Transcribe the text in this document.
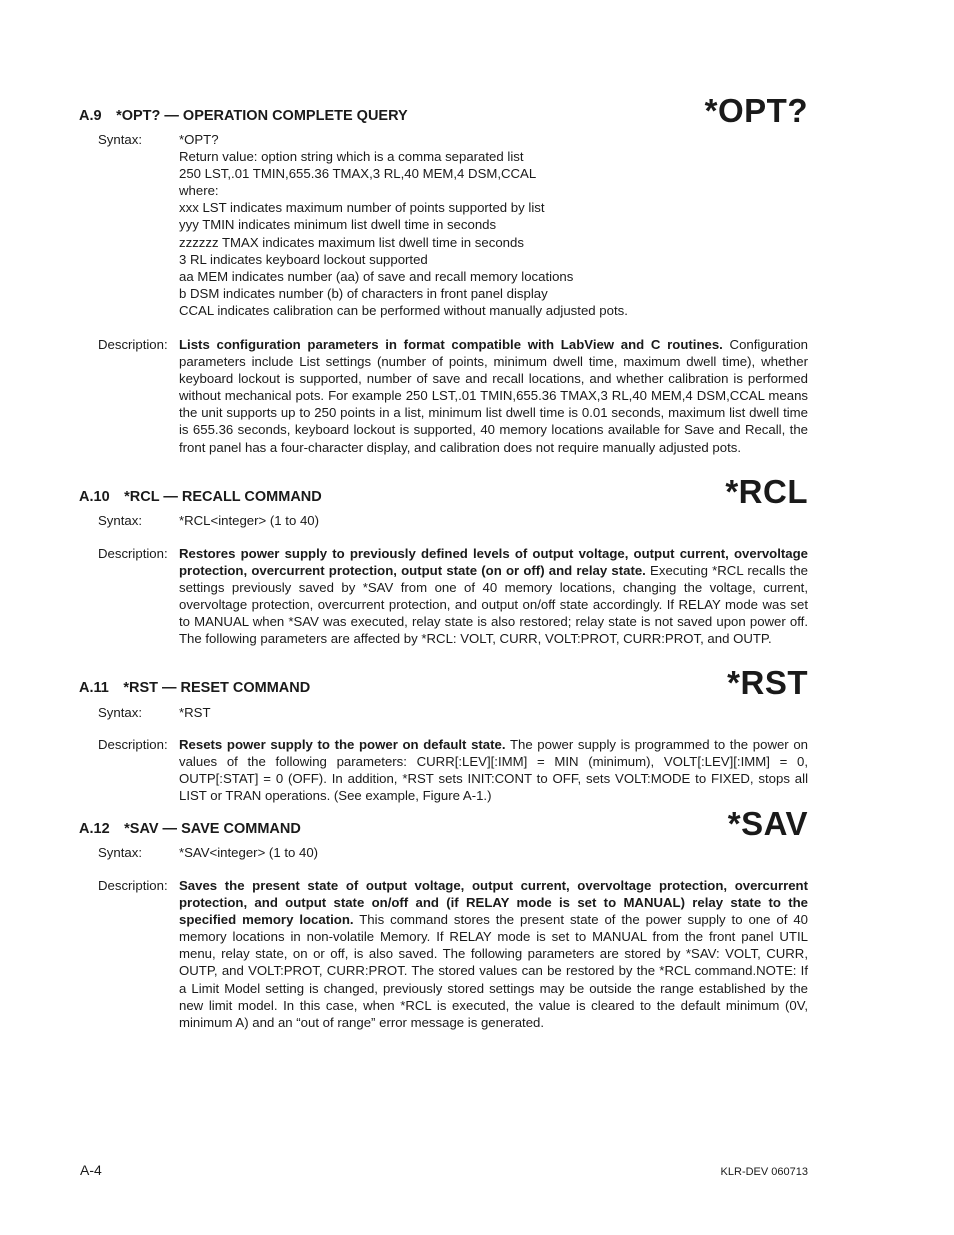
A.9 *OPT? — OPERATION COMPLETE QUERY	*OPT?
Syntax:	*OPT?
Return value: option string which is a comma separated list
250 LST,.01 TMIN,655.36 TMAX,3 RL,40 MEM,4 DSM,CCAL
where:
xxx LST indicates maximum number of points supported by list
yyy TMIN indicates minimum list dwell time in seconds
zzzzzz TMAX indicates maximum list dwell time in seconds
3 RL indicates keyboard lockout supported
aa MEM indicates number (aa) of save and recall memory locations
b DSM indicates number (b) of characters in front panel display
CCAL indicates calibration can be performed without manually adjusted pots.
Description: Lists configuration parameters in format compatible with LabView and C routines. Configuration parameters include List settings (number of points, minimum dwell time, maximum dwell time), whether keyboard lockout is supported, number of save and recall locations, and whether calibration is performed without mechanical pots. For example 250 LST,.01 TMIN,655.36 TMAX,3 RL,40 MEM,4 DSM,CCAL means the unit supports up to 250 points in a list, minimum list dwell time is 0.01 seconds, maximum list dwell time is 655.36 seconds, keyboard lockout is supported, 40 memory locations available for Save and Recall, the front panel has a four-character display, and calibration does not require manually adjusted pots.
A.10 *RCL — RECALL COMMAND	*RCL
Syntax:	*RCL<integer> (1 to 40)
Description: Restores power supply to previously defined levels of output voltage, output current, overvoltage protection, overcurrent protection, output state (on or off) and relay state. Executing *RCL recalls the settings previously saved by *SAV from one of 40 memory locations, changing the voltage, current, overvoltage protection, overcurrent protection, and output on/off state accordingly. If RELAY mode was set to MANUAL when *SAV was executed, relay state is also restored; relay state is not saved upon power off. The following parameters are affected by *RCL: VOLT, CURR, VOLT:PROT, CURR:PROT, and OUTP.
A.11 *RST — RESET COMMAND	*RST
Syntax:	*RST
Description: Resets power supply to the power on default state. The power supply is programmed to the power on values of the following parameters: CURR[:LEV][:IMM] = MIN (minimum), VOLT[:LEV][:IMM] = 0, OUTP[:STAT] = 0 (OFF). In addition, *RST sets INIT:CONT to OFF, sets VOLT:MODE to FIXED, stops all LIST or TRAN operations. (See example, Figure A-1.)
A.12 *SAV — SAVE COMMAND	*SAV
Syntax:	*SAV<integer> (1 to 40)
Description: Saves the present state of output voltage, output current, overvoltage protection, overcurrent protection, and output state on/off and (if RELAY mode is set to MANUAL) relay state to the specified memory location. This command stores the present state of the power supply to one of 40 memory locations in non-volatile Memory. If RELAY mode is set to MANUAL from the front panel UTIL menu, relay state, on or off, is also saved. The following parameters are stored by *SAV: VOLT, CURR, OUTP, and VOLT:PROT, CURR:PROT. The stored values can be restored by the *RCL command.NOTE: If a Limit Model setting is changed, previously stored settings may be outside the range established by the new limit model. In this case, when *RCL is executed, the value is cleared to the default minimum (0V, minimum A) and an “out of range” error message is generated.
A-4	KLR-DEV 060713
